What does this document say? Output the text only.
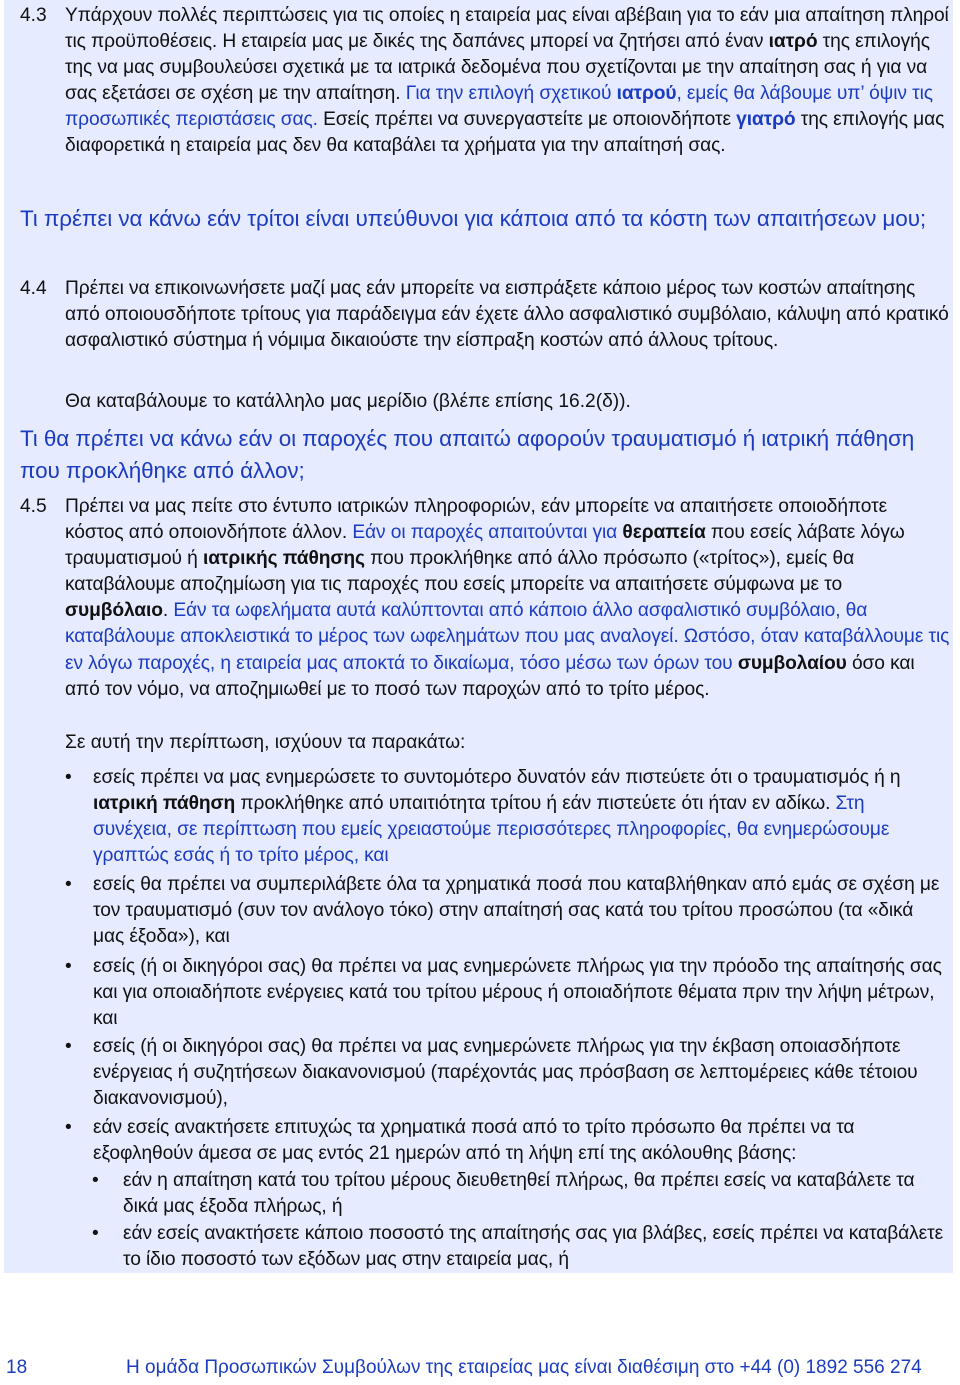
4.3 Υπάρχουν πολλές περιπτώσεις για τις οποίες η εταιρεία μας είναι αβέβαιη για το εάν μια απαίτηση πληροί τις προϋποθέσεις. Η εταιρεία μας με δικές της δαπάνες μπορεί να ζητήσει από έναν ιατρό της επιλογής της να μας συμβουλεύσει σχετικά με τα ιατρικά δεδομένα που σχετίζονται με την απαίτηση σας ή για να σας εξετάσει σε σχέση με την απαίτηση. Για την επιλογή σχετικού ιατρού, εμείς θα λάβουμε υπ’ όψιν τις προσωπικές περιστάσεις σας. Εσείς πρέπει να συνεργαστείτε με οποιονδήποτε γιατρό της επιλογής μας διαφορετικά η εταιρεία μας δεν θα καταβάλει τα χρήματα για την απαίτησή σας.
Τι πρέπει να κάνω εάν τρίτοι είναι υπεύθυνοι για κάποια από τα κόστη των απαιτήσεων μου;
4.4 Πρέπει να επικοινωνήσετε μαζί μας εάν μπορείτε να εισπράξετε κάποιο μέρος των κοστών απαίτησης από οποιουσδήποτε τρίτους για παράδειγμα εάν έχετε άλλο ασφαλιστικό συμβόλαιο, κάλυψη από κρατικό ασφαλιστικό σύστημα ή νόμιμα δικαιούστε την είσπραξη κοστών από άλλους τρίτους.
Θα καταβάλουμε το κατάλληλο μας μερίδιο (βλέπε επίσης 16.2(δ)).
Τι θα πρέπει να κάνω εάν οι παροχές που απαιτώ αφορούν τραυματισμό ή ιατρική πάθηση που προκλήθηκε από άλλον;
4.5 Πρέπει να μας πείτε στο έντυπο ιατρικών πληροφοριών, εάν μπορείτε να απαιτήσετε οποιοδήποτε κόστος από οποιονδήποτε άλλον. Εάν οι παροχές απαιτούνται για θεραπεία που εσείς λάβατε λόγω τραυματισμού ή ιατρικής πάθησης που προκλήθηκε από άλλο πρόσωπο («τρίτος»), εμείς θα καταβάλουμε αποζημίωση για τις παροχές που εσείς μπορείτε να απαιτήσετε σύμφωνα με το συμβόλαιο. Εάν τα ωφελήματα αυτά καλύπτονται από κάποιο άλλο ασφαλιστικό συμβόλαιο, θα καταβάλουμε αποκλειστικά το μέρος των ωφελημάτων που μας αναλογεί. Ωστόσο, όταν καταβάλλουμε τις εν λόγω παροχές, η εταιρεία μας αποκτά το δικαίωμα, τόσο μέσω των όρων του συμβολαίου όσο και από τον νόμο, να αποζημιωθεί με το ποσό των παροχών από το τρίτο μέρος.
Σε αυτή την περίπτωση, ισχύουν τα παρακάτω:
•	εσείς πρέπει να μας ενημερώσετε το συντομότερο δυνατόν εάν πιστεύετε ότι ο τραυματισμός ή η ιατρική πάθηση προκλήθηκε από υπαιτιότητα τρίτου ή εάν πιστεύετε ότι ήταν εν αδίκω. Στη συνέχεια, σε περίπτωση που εμείς χρειαστούμε περισσότερες πληροφορίες, θα ενημερώσουμε γραπτώς εσάς ή το τρίτο μέρος, και
•	εσείς θα πρέπει να συμπεριλάβετε όλα τα χρηματικά ποσά που καταβλήθηκαν από εμάς σε σχέση με τον τραυματισμό (συν τον ανάλογο τόκο) στην απαίτησή σας κατά του τρίτου προσώπου (τα «δικά μας έξοδα»), και
•	εσείς (ή οι δικηγόροι σας) θα πρέπει να μας ενημερώνετε πλήρως για την πρόοδο της απαίτησής σας και για οποιαδήποτε ενέργειες κατά του τρίτου μέρους ή οποιαδήποτε θέματα πριν την λήψη μέτρων, και
•	εσείς (ή οι δικηγόροι σας) θα πρέπει να μας ενημερώνετε πλήρως για την έκβαση οποιασδήποτε ενέργειας ή συζητήσεων διακανονισμού (παρέχοντάς μας πρόσβαση σε λεπτομέρειες κάθε τέτοιου διακανονισμού),
•	εάν εσείς ανακτήσετε επιτυχώς τα χρηματικά ποσά από το τρίτο πρόσωπο θα πρέπει να τα εξοφληθούν άμεσα σε μας εντός 21 ημερών από τη λήψη επί της ακόλουθης βάσης:
•	εάν η απαίτηση κατά του τρίτου μέρους διευθετηθεί πλήρως, θα πρέπει εσείς να καταβάλετε τα δικά μας έξοδα πλήρως, ή
•	εάν εσείς ανακτήσετε κάποιο ποσοστό της απαίτησής σας για βλάβες, εσείς πρέπει να καταβάλετε το ίδιο ποσοστό των εξόδων μας στην εταιρεία μας, ή
18	Η ομάδα Προσωπικών Συμβούλων της εταιρείας μας είναι διαθέσιμη στο +44 (0) 1892 556 274
